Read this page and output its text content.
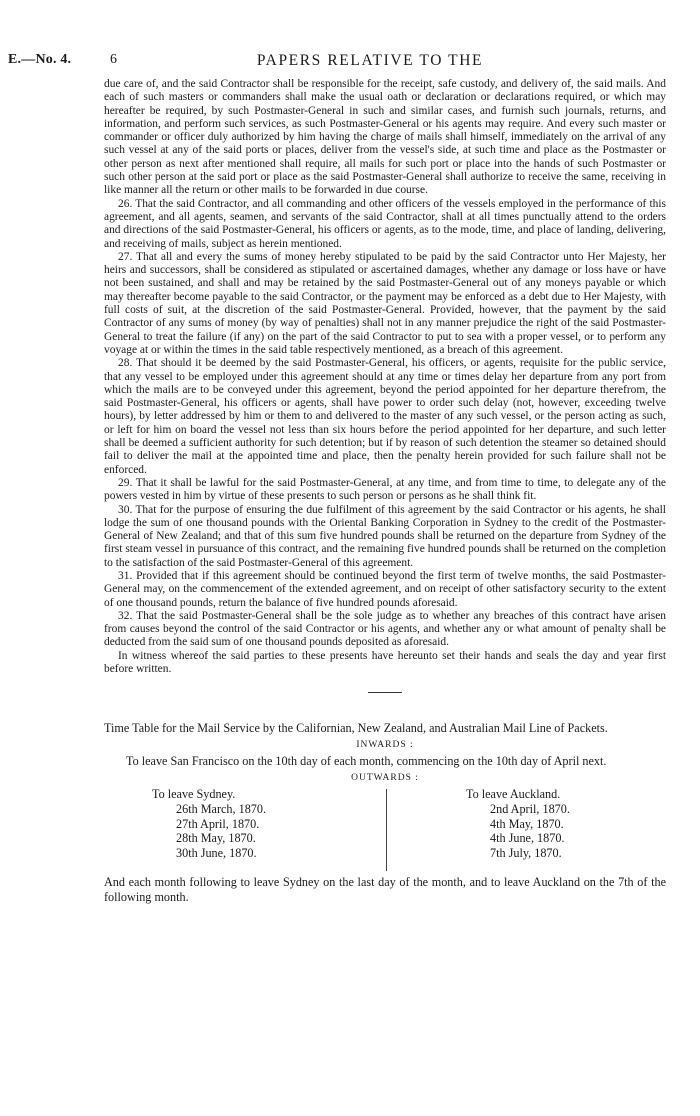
E.—No. 4.	6	PAPERS RELATIVE TO THE

due care of, and the said Contractor shall be responsible for the receipt, safe custody, and delivery of, the said mails. And each of such masters or commanders shall make the usual oath or declaration or declarations required, or which may hereafter be required, by such Postmaster-General in such and similar cases, and furnish such journals, returns, and information, and perform such services, as such Postmaster-General or his agents may require. And every such master or commander or officer duly authorized by him having the charge of mails shall himself, immediately on the arrival of any such vessel at any of the said ports or places, deliver from the vessel's side, at such time and place as the Postmaster or other person as next after mentioned shall require, all mails for such port or place into the hands of such Postmaster or such other person at the said port or place as the said Postmaster-General shall authorize to receive the same, receiving in like manner all the return or other mails to be forwarded in due course.

26. That the said Contractor, and all commanding and other officers of the vessels employed in the performance of this agreement, and all agents, seamen, and servants of the said Contractor, shall at all times punctually attend to the orders and directions of the said Postmaster-General, his officers or agents, as to the mode, time, and place of landing, delivering, and receiving of mails, subject as herein mentioned.

27. That all and every the sums of money hereby stipulated to be paid by the said Contractor unto Her Majesty, her heirs and successors, shall be considered as stipulated or ascertained damages, whether any damage or loss have or have not been sustained, and shall and may be retained by the said Postmaster-General out of any moneys payable or which may thereafter become payable to the said Contractor, or the payment may be enforced as a debt due to Her Majesty, with full costs of suit, at the discretion of the said Postmaster-General. Provided, however, that the payment by the said Contractor of any sums of money (by way of penalties) shall not in any manner prejudice the right of the said Postmaster-General to treat the failure (if any) on the part of the said Contractor to put to sea with a proper vessel, or to perform any voyage at or within the times in the said table respectively mentioned, as a breach of this agreement.

28. That should it be deemed by the said Postmaster-General, his officers, or agents, requisite for the public service, that any vessel to be employed under this agreement should at any time or times delay her departure from any port from which the mails are to be conveyed under this agreement, beyond the period appointed for her departure therefrom, the said Postmaster-General, his officers or agents, shall have power to order such delay (not, however, exceeding twelve hours), by letter addressed by him or them to and delivered to the master of any such vessel, or the person acting as such, or left for him on board the vessel not less than six hours before the period appointed for her departure, and such letter shall be deemed a sufficient authority for such detention; but if by reason of such detention the steamer so detained should fail to deliver the mail at the appointed time and place, then the penalty herein provided for such failure shall not be enforced.

29. That it shall be lawful for the said Postmaster-General, at any time, and from time to time, to delegate any of the powers vested in him by virtue of these presents to such person or persons as he shall think fit.

30. That for the purpose of ensuring the due fulfilment of this agreement by the said Contractor or his agents, he shall lodge the sum of one thousand pounds with the Oriental Banking Corporation in Sydney to the credit of the Postmaster-General of New Zealand; and that of this sum five hundred pounds shall be returned on the departure from Sydney of the first steam vessel in pursuance of this contract, and the remaining five hundred pounds shall be returned on the completion to the satisfaction of the said Postmaster-General of this agreement.

31. Provided that if this agreement should be continued beyond the first term of twelve months, the said Postmaster-General may, on the commencement of the extended agreement, and on receipt of other satisfactory security to the extent of one thousand pounds, return the balance of five hundred pounds aforesaid.

32. That the said Postmaster-General shall be the sole judge as to whether any breaches of this contract have arisen from causes beyond the control of the said Contractor or his agents, and whether any or what amount of penalty shall be deducted from the said sum of one thousand pounds deposited as aforesaid.

In witness whereof the said parties to these presents have hereunto set their hands and seals the day and year first before written.

Time Table for the Mail Service by the Californian, New Zealand, and Australian Mail Line of Packets.

INWARDS :

To leave San Francisco on the 10th day of each month, commencing on the 10th day of April next.

OUTWARDS :
To leave Sydney.
26th March, 1870.
27th April, 1870.
28th May, 1870.
30th June, 1870.
To leave Auckland.
2nd April, 1870.
4th May, 1870.
4th June, 1870.
7th July, 1870.

And each month following to leave Sydney on the last day of the month, and to leave Auckland on the 7th of the following month.
